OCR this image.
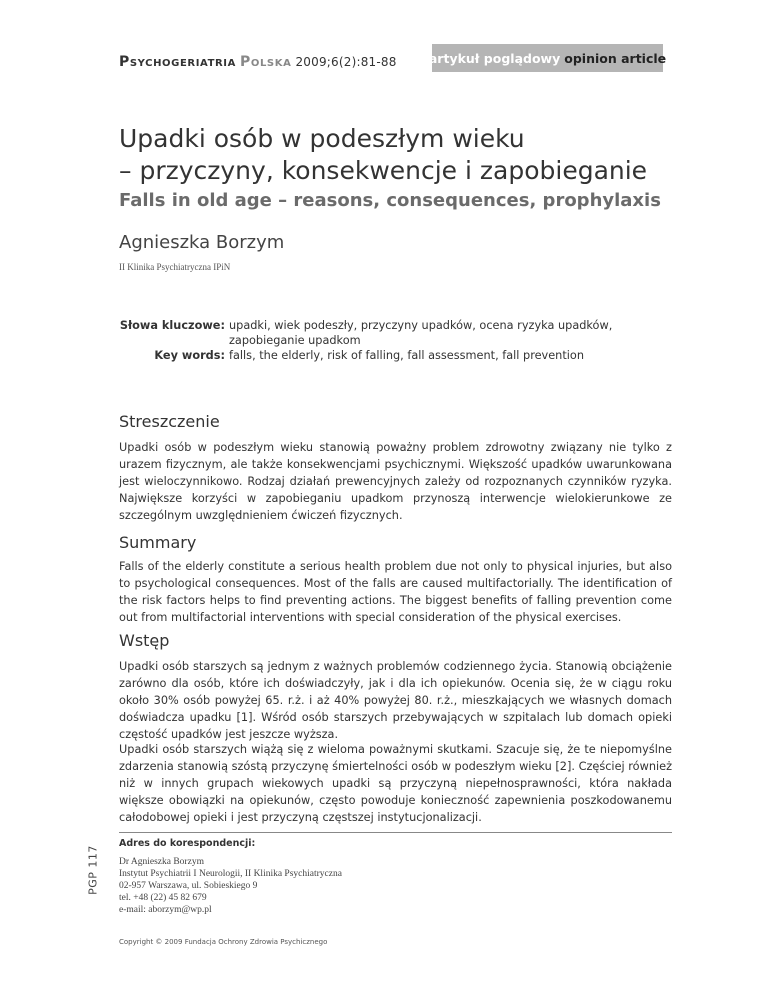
Psychogeriatria Polska 2009;6(2):81-88	artykuł poglądowy opinion article
Upadki osób w podeszłym wieku
– przyczyny, konsekwencje i zapobieganie
Falls in old age – reasons, consequences, prophylaxis
Agnieszka Borzym
II Klinika Psychiatryczna IPiN
Słowa kluczowe:	upadki, wiek podeszły, przyczyny upadków, ocena ryzyka upadków,
zapobieganie upadkom
Key words:	falls, the elderly, risk of falling, fall assessment, fall prevention
Streszczenie

Upadki osób w podeszłym wieku stanowią poważny problem zdrowotny związany nie tylko z urazem fizycznym, ale także konsekwencjami psychicznymi. Większość upadków uwarunkowana jest wieloczynnikowo. Rodzaj działań prewencyjnych zależy od rozpoznanych czynników ryzyka. Największe korzyści w zapobieganiu upadkom przynoszą interwencje wielokierunkowe ze szczególnym uwzględnieniem ćwiczeń fizycznych.

Summary

Falls of the elderly constitute a serious health problem due not only to physical injuries, but also to psychological consequences. Most of the falls are caused multifactorially. The identification of the risk factors helps to find preventing actions. The biggest benefits of falling prevention come out from multifactorial interventions with special consideration of the physical exercises.

Wstęp

Upadki osób starszych są jednym z ważnych problemów codziennego życia. Stanowią obciążenie zarówno dla osób, które ich doświadczyły, jak i dla ich opiekunów. Ocenia się, że w ciągu roku około 30% osób powyżej 65. r.ż. i aż 40% powyżej 80. r.ż., mieszkających we własnych domach doświadcza upadku [1]. Wśród osób starszych przebywających w szpitalach lub domach opieki częstość upadków jest jeszcze wyższa.

Upadki osób starszych wiążą się z wieloma poważnymi skutkami. Szacuje się, że te niepomyślne zdarzenia stanowią szóstą przyczynę śmiertelności osób w podeszłym wieku [2]. Częściej również niż w innych grupach wiekowych upadki są przyczyną niepełnosprawności, która nakłada większe obowiązki na opiekunów, często powoduje konieczność zapewnienia poszkodowanemu całodobowej opieki i jest przyczyną częstszej instytucjonalizacji.

PGP 117
Adres do korespondencji:
Dr Agnieszka Borzym
Instytut Psychiatrii I Neurologii, II Klinika Psychiatryczna
02-957 Warszawa, ul. Sobieskiego 9
tel. +48 (22) 45 82 679
e-mail: aborzym@wp.pl
Copyright © 2009 Fundacja Ochrony Zdrowia Psychicznego
